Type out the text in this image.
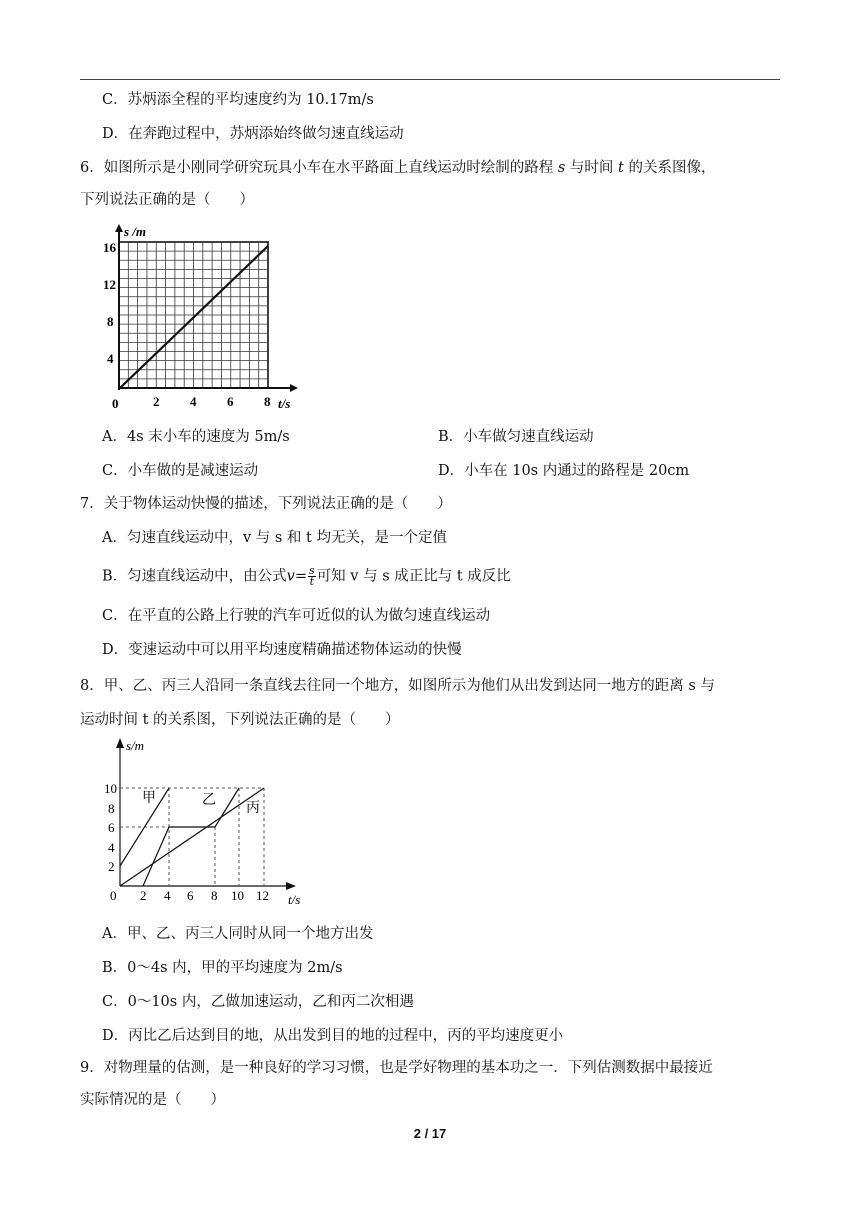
C．苏炳添全程的平均速度约为 10.17m/s
D．在奔跑过程中，苏炳添始终做匀速直线运动
6．如图所示是小刚同学研究玩具小车在水平路面上直线运动时绘制的路程 s 与时间 t 的关系图像，
下列说法正确的是（　　）
s /m
t/s
16
12
8
4
0	2 4 6 8
A．4s 末小车的速度为 5m/s	B．小车做匀速直线运动
C．小车做的是减速运动	D．小车在 10s 内通过的路程是 20cm
7．关于物体运动快慢的描述，下列说法正确的是（　　）
A．匀速直线运动中，v 与 s 和 t 均无关，是一个定值
B．匀速直线运动中，由公式$v= \frac{s}{t}$ 可知 v 与 s 成正比与 t 成反比
C．在平直的公路上行驶的汽车可近似的认为做匀速直线运动
D．变速运动中可以用平均速度精确描述物体运动的快慢
8．甲、乙、丙三人沿同一条直线去往同一个地方，如图所示为他们从出发到达同一地方的距离 s 与
运动时间 t 的关系图，下列说法正确的是（　　）
s/m
t/s
10
8
6
4
2
0 2 4 6 8 10 12
甲	乙
丙
A．甲、乙、丙三人同时从同一个地方出发
B．0～4s 内，甲的平均速度为 2m/s
C．0～10s 内，乙做加速运动，乙和丙二次相遇
D．丙比乙后达到目的地，从出发到目的地的过程中，丙的平均速度更小
9．对物理量的估测，是一种良好的学习习惯，也是学好物理的基本功之一．下列估测数据中最接近
实际情况的是（　　）
2 / 17
